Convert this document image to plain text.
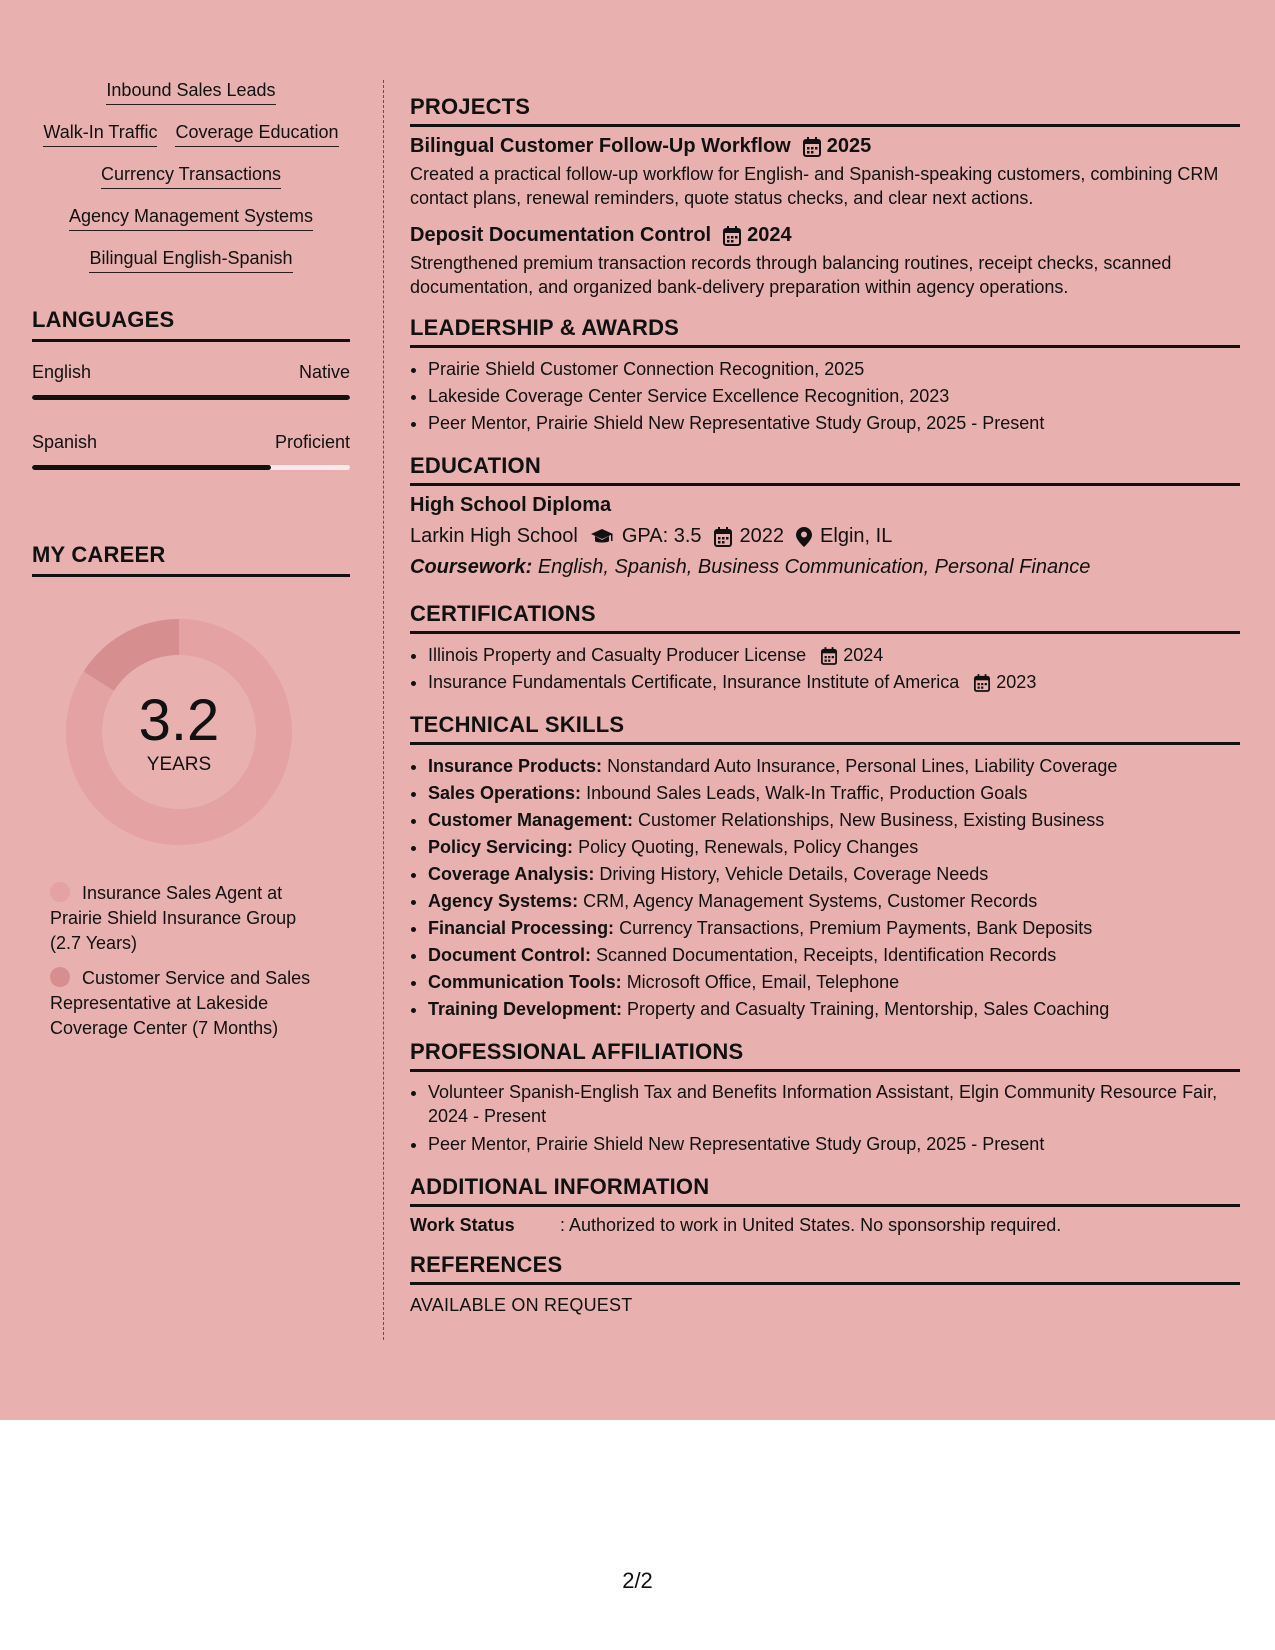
Inbound Sales Leads
Walk-In Traffic Coverage Education
Currency Transactions
Agency Management Systems
Bilingual English-Spanish
LANGUAGES
English	Native
Spanish	Proficient
MY CAREER
3.2
YEARS
Insurance Sales Agent at Prairie Shield Insurance Group (2.7 Years)
Customer Service and Sales Representative at Lakeside Coverage Center (7 Months)
PROJECTS
Bilingual Customer Follow-Up Workflow 2025
Created a practical follow-up workflow for English- and Spanish-speaking customers, combining CRM contact plans, renewal reminders, quote status checks, and clear next actions.
Deposit Documentation Control 2024
Strengthened premium transaction records through balancing routines, receipt checks, scanned documentation, and organized bank-delivery preparation within agency operations.
LEADERSHIP & AWARDS
• Prairie Shield Customer Connection Recognition, 2025
• Lakeside Coverage Center Service Excellence Recognition, 2023
• Peer Mentor, Prairie Shield New Representative Study Group, 2025 - Present
EDUCATION
High School Diploma
Larkin High School GPA: 3.5 2022 Elgin, IL
Coursework: English, Spanish, Business Communication, Personal Finance
CERTIFICATIONS
• Illinois Property and Casualty Producer License 2024
• Insurance Fundamentals Certificate, Insurance Institute of America 2023
TECHNICAL SKILLS
• Insurance Products: Nonstandard Auto Insurance, Personal Lines, Liability Coverage
• Sales Operations: Inbound Sales Leads, Walk-In Traffic, Production Goals
• Customer Management: Customer Relationships, New Business, Existing Business
• Policy Servicing: Policy Quoting, Renewals, Policy Changes
• Coverage Analysis: Driving History, Vehicle Details, Coverage Needs
• Agency Systems: CRM, Agency Management Systems, Customer Records
• Financial Processing: Currency Transactions, Premium Payments, Bank Deposits
• Document Control: Scanned Documentation, Receipts, Identification Records
• Communication Tools: Microsoft Office, Email, Telephone
• Training Development: Property and Casualty Training, Mentorship, Sales Coaching
PROFESSIONAL AFFILIATIONS
• Volunteer Spanish-English Tax and Benefits Information Assistant, Elgin Community Resource Fair, 2024 - Present
• Peer Mentor, Prairie Shield New Representative Study Group, 2025 - Present
ADDITIONAL INFORMATION
Work Status	: Authorized to work in United States. No sponsorship required.
REFERENCES
AVAILABLE ON REQUEST
2/2
